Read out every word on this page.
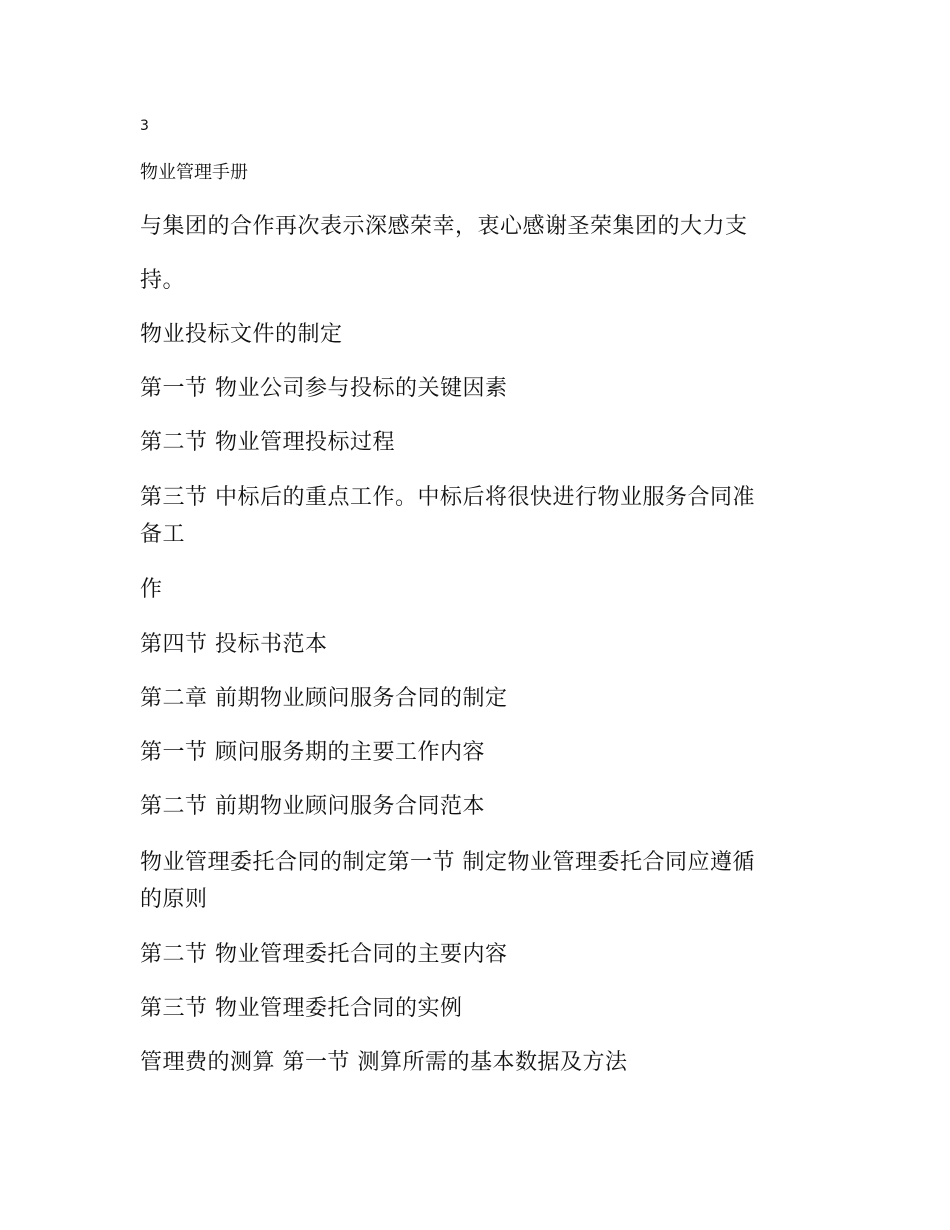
3
物业管理手册
与集团的合作再次表示深感荣幸，衷心感谢圣荣集团的大力支
持。
物业投标文件的制定
第一节 物业公司参与投标的关键因素
第二节 物业管理投标过程
第三节 中标后的重点工作。中标后将很快进行物业服务合同准
备工
作
第四节 投标书范本
第二章 前期物业顾问服务合同的制定
第一节 顾问服务期的主要工作内容
第二节 前期物业顾问服务合同范本
物业管理委托合同的制定第一节 制定物业管理委托合同应遵循
的原则
第二节 物业管理委托合同的主要内容
第三节 物业管理委托合同的实例
管理费的测算 第一节 测算所需的基本数据及方法
